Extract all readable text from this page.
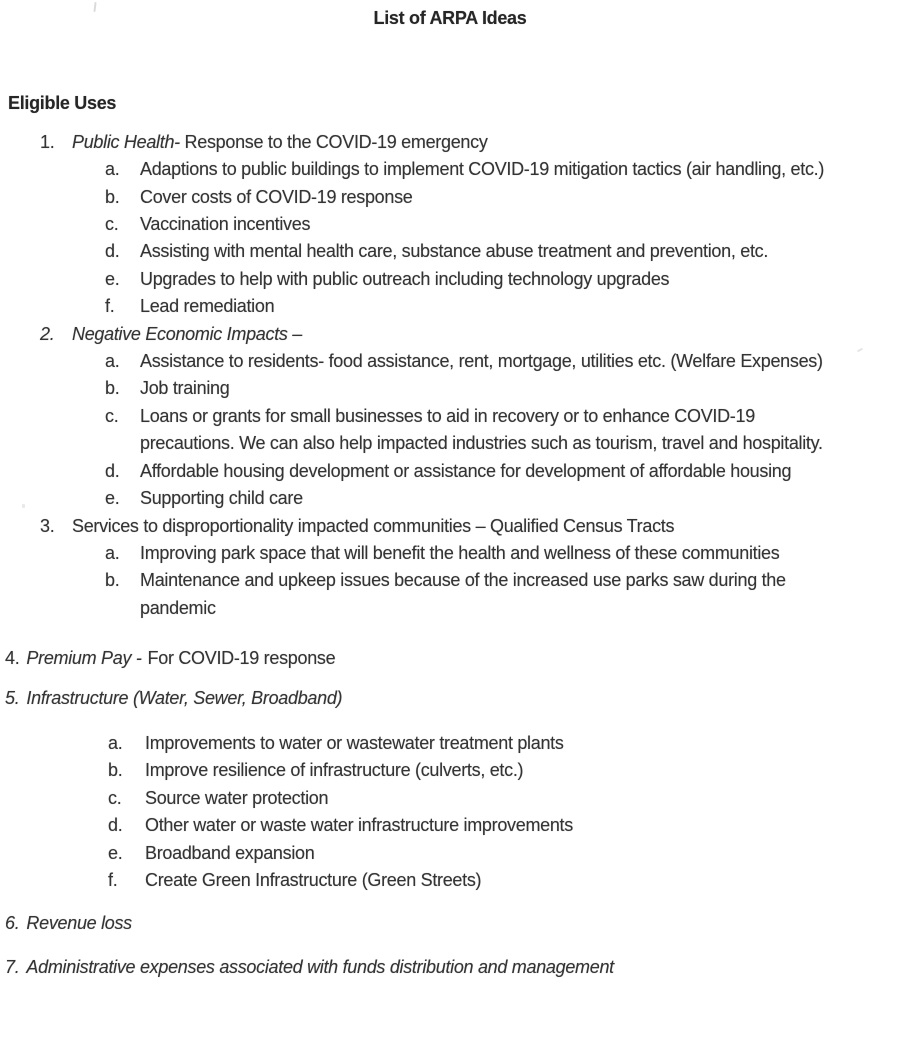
List of ARPA Ideas
Eligible Uses
1. Public Health- Response to the COVID-19 emergency
a.	Adaptions to public buildings to implement COVID-19 mitigation tactics (air handling, etc.)
b.	Cover costs of COVID-19 response
c.	Vaccination incentives
d.	Assisting with mental health care, substance abuse treatment and prevention, etc.
e.	Upgrades to help with public outreach including technology upgrades
f.	Lead remediation
2. Negative Economic Impacts –
a.	Assistance to residents- food assistance, rent, mortgage, utilities etc. (Welfare Expenses)
b.	Job training
c.	Loans or grants for small businesses to aid in recovery or to enhance COVID-19 precautions. We can also help impacted industries such as tourism, travel and hospitality.
d.	Affordable housing development or assistance for development of affordable housing
e.	Supporting child care
3. Services to disproportionality impacted communities – Qualified Census Tracts
a.	Improving park space that will benefit the health and wellness of these communities
b.	Maintenance and upkeep issues because of the increased use parks saw during the pandemic
4. Premium Pay - For COVID-19 response
5. Infrastructure (Water, Sewer, Broadband)
a.	Improvements to water or wastewater treatment plants
b.	Improve resilience of infrastructure (culverts, etc.)
c.	Source water protection
d.	Other water or waste water infrastructure improvements
e.	Broadband expansion
f.	Create Green Infrastructure (Green Streets)
6. Revenue loss
7. Administrative expenses associated with funds distribution and management
